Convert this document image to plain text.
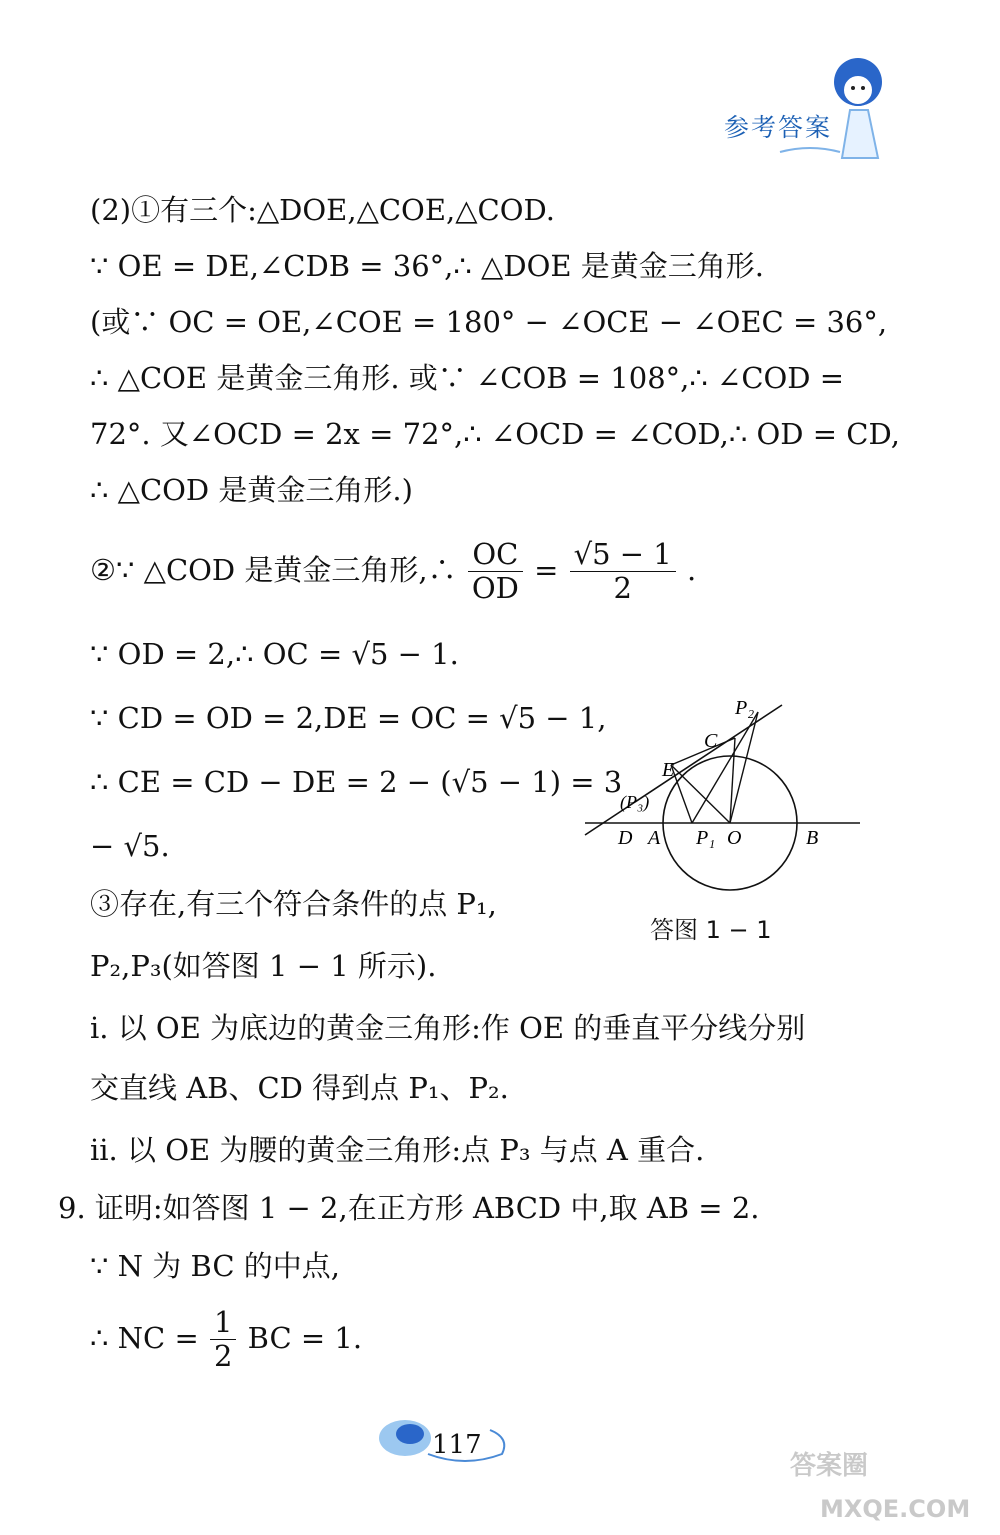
参考答案
(2)①有三个:△DOE,△COE,△COD.
∵ OE = DE,∠CDB = 36°,∴ △DOE 是黄金三角形.
(或∵ OC = OE,∠COE = 180° − ∠OCE − ∠OEC = 36°,
∴ △COE 是黄金三角形. 或∵ ∠COB = 108°,∴ ∠COD =
72°. 又∠OCD = 2x = 72°,∴ ∠OCD = ∠COD,∴ OD = CD,
∴ △COD 是黄金三角形.)
②∵ △COD 是黄金三角形,∴ $\frac{OC}{OD} = \frac{√5 - 1}{2}$ .
∵ OD = 2,∴ OC = √5 − 1.
∵ CD = OD = 2,DE = OC = √5 − 1,
∴ CE = CD − DE = 2 − (√5 − 1) = 3
− √5.
③存在,有三个符合条件的点 P₁,
P₂,P₃(如答图 1 − 1 所示).
ⅰ. 以 OE 为底边的黄金三角形:作 OE 的垂直平分线分别
交直线 AB、CD 得到点 P₁、P₂.
ⅱ. 以 OE 为腰的黄金三角形:点 P₃ 与点 A 重合.
9. 证明:如答图 1 − 2,在正方形 ABCD 中,取 AB = 2.
∵ N 为 BC 的中点,
∴ NC = $\frac{1}{2}$ BC = 1.
P₂
C
E
(P₃)
D A P₁ O	B
答图 1 − 1
117
答案圈
MXQE.COM
